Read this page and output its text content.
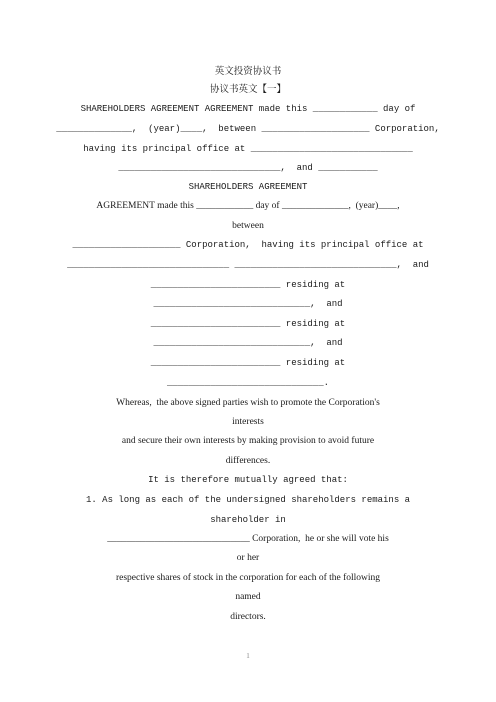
英文投资协议书
协议书英文【一】
SHAREHOLDERS AGREEMENT AGREEMENT made this ____________ day of
______________,  (year)____,  between ____________________ Corporation,
having its principal office at ______________________________
______________________________,  and ___________
SHAREHOLDERS AGREEMENT
AGREEMENT made this ____________ day of ______________,  (year)____,
between
____________________ Corporation,  having its principal office at
______________________________ ______________________________,  and
________________________ residing at
_____________________________,  and
________________________ residing at
_____________________________,  and
________________________ residing at
_____________________________.
Whereas,  the above signed parties wish to promote the Corporation's
interests
and secure their own interests by making provision to avoid future
differences.
It is therefore mutually agreed that:
1. As long as each of the undersigned shareholders remains a
shareholder in
______________________________ Corporation,  he or she will vote his
or her
respective shares of stock in the corporation for each of the following
named
directors.
1
